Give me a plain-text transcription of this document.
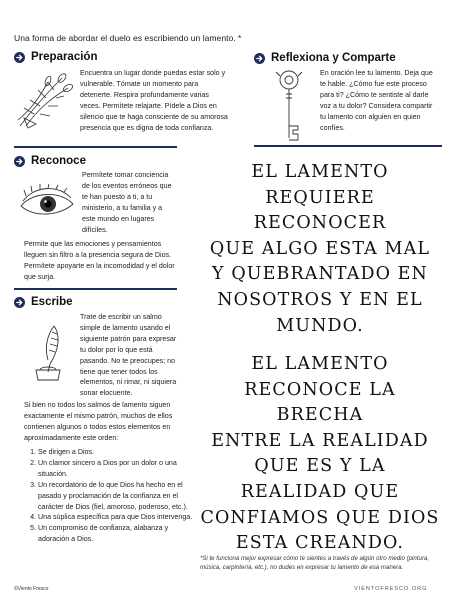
Una forma de abordar el duelo es escribiendo un lamento. *
Preparación
Encuentra un lugar donde puedas estar solo y vulnerable. Tómate un momento para detenerte. Respira profundamente varias veces. Permítete relajarte. Pídele a Dios en silencio que te haga consciente de su amorosa presencia que es digna de toda confianza.
Reflexiona y Comparte
En oración lee tu lamento. Deja que te hable. ¿Cómo fue este proceso para ti? ¿Cómo te sentiste al darle voz a tu dolor? Considera compartir tu lamento con alguien en quien confíes.
Reconoce
Permítete tomar conciencia de los eventos erróneos que te han puesto a ti, a tu ministerio, a tu familia y a este mundo en lugares difíciles.
Permite que las emociones y pensamientos lleguen sin filtro a la presencia segura de Dios. Permítete apoyarte en la incomodidad y el dolor que surja.
Escribe
Trate de escribir un salmo simple de lamento usando el siguiente patrón para expresar tu dolor por lo que está pasando. No te preocupes; no tiene que tener todos los elementos, ni rimar, ni siquiera sonar elocuente.
Si bien no todos los salmos de lamento siguen exactamente el mismo patrón, muchos de ellos contienen algunos o todos estos elementos en aproximadamente este orden:
1. Se dirigen a Dios.
2. Un clamor sincero a Dios por un dolor o una situación.
3. Un recordatorio de lo que Dios ha hecho en el pasado y proclamación de la confianza en el carácter de Dios (fiel, amoroso, poderoso, etc.).
4. Una súplica específica para que Dios intervenga.
5. Un compromiso de confianza, alabanza y adoración a Dios.
EL LAMENTO
REQUIERE RECONOCER
QUE ALGO ESTA MAL
Y QUEBRANTADO EN
NOSOTROS Y EN EL
MUNDO.
EL LAMENTO
RECONOCE LA BRECHA
ENTRE LA REALIDAD
QUE ES Y LA
REALIDAD QUE
CONFIAMOS QUE DIOS
ESTA CREANDO.
*Si te funciona mejor expresar cómo te sientes a través de algún otro medio (pintura, música, carpintería, etc.), no dudes en expresar tu lamento de esa manera.
©Viento Fresco	VIENTOFRESCO.ORG
